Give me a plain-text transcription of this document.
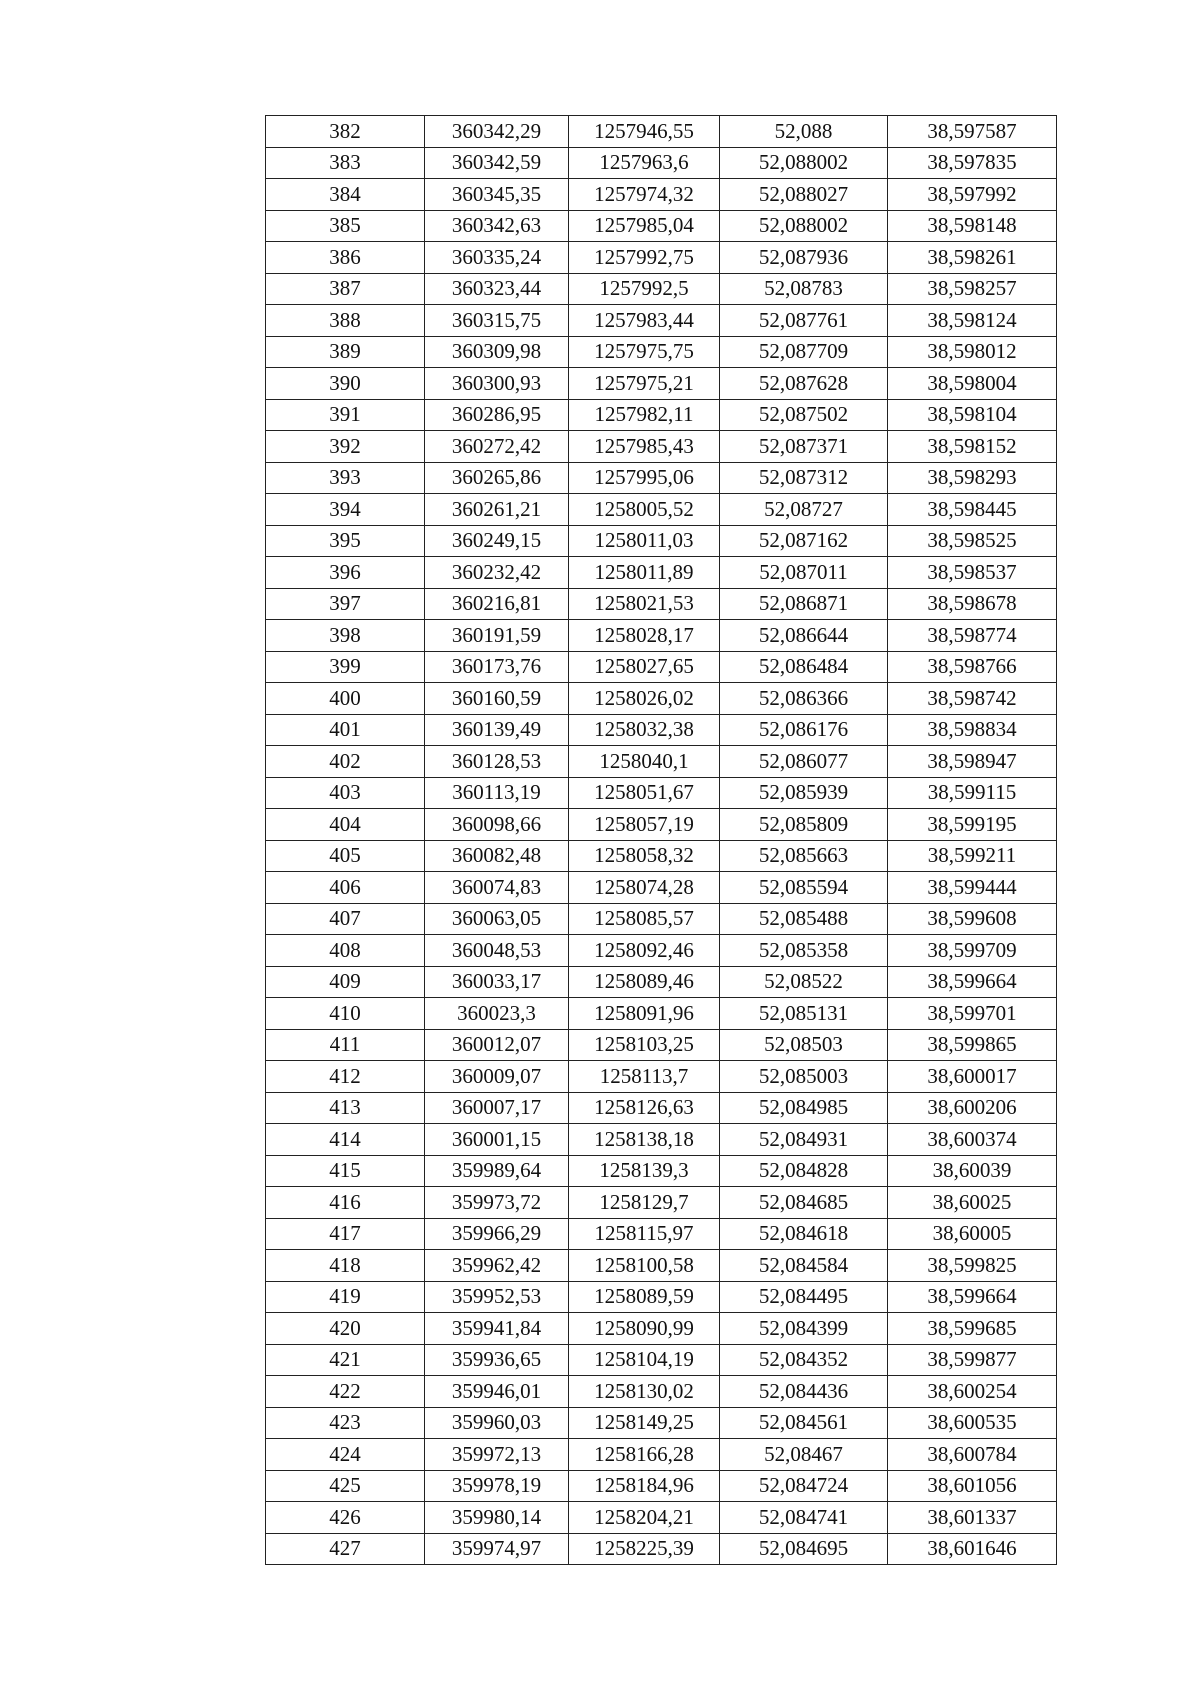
382	360342,29	1257946,55	52,088	38,597587
383	360342,59	1257963,6	52,088002	38,597835
384	360345,35	1257974,32	52,088027	38,597992
385	360342,63	1257985,04	52,088002	38,598148
386	360335,24	1257992,75	52,087936	38,598261
387	360323,44	1257992,5	52,08783	38,598257
388	360315,75	1257983,44	52,087761	38,598124
389	360309,98	1257975,75	52,087709	38,598012
390	360300,93	1257975,21	52,087628	38,598004
391	360286,95	1257982,11	52,087502	38,598104
392	360272,42	1257985,43	52,087371	38,598152
393	360265,86	1257995,06	52,087312	38,598293
394	360261,21	1258005,52	52,08727	38,598445
395	360249,15	1258011,03	52,087162	38,598525
396	360232,42	1258011,89	52,087011	38,598537
397	360216,81	1258021,53	52,086871	38,598678
398	360191,59	1258028,17	52,086644	38,598774
399	360173,76	1258027,65	52,086484	38,598766
400	360160,59	1258026,02	52,086366	38,598742
401	360139,49	1258032,38	52,086176	38,598834
402	360128,53	1258040,1	52,086077	38,598947
403	360113,19	1258051,67	52,085939	38,599115
404	360098,66	1258057,19	52,085809	38,599195
405	360082,48	1258058,32	52,085663	38,599211
406	360074,83	1258074,28	52,085594	38,599444
407	360063,05	1258085,57	52,085488	38,599608
408	360048,53	1258092,46	52,085358	38,599709
409	360033,17	1258089,46	52,08522	38,599664
410	360023,3	1258091,96	52,085131	38,599701
411	360012,07	1258103,25	52,08503	38,599865
412	360009,07	1258113,7	52,085003	38,600017
413	360007,17	1258126,63	52,084985	38,600206
414	360001,15	1258138,18	52,084931	38,600374
415	359989,64	1258139,3	52,084828	38,60039
416	359973,72	1258129,7	52,084685	38,60025
417	359966,29	1258115,97	52,084618	38,60005
418	359962,42	1258100,58	52,084584	38,599825
419	359952,53	1258089,59	52,084495	38,599664
420	359941,84	1258090,99	52,084399	38,599685
421	359936,65	1258104,19	52,084352	38,599877
422	359946,01	1258130,02	52,084436	38,600254
423	359960,03	1258149,25	52,084561	38,600535
424	359972,13	1258166,28	52,08467	38,600784
425	359978,19	1258184,96	52,084724	38,601056
426	359980,14	1258204,21	52,084741	38,601337
427	359974,97	1258225,39	52,084695	38,601646
